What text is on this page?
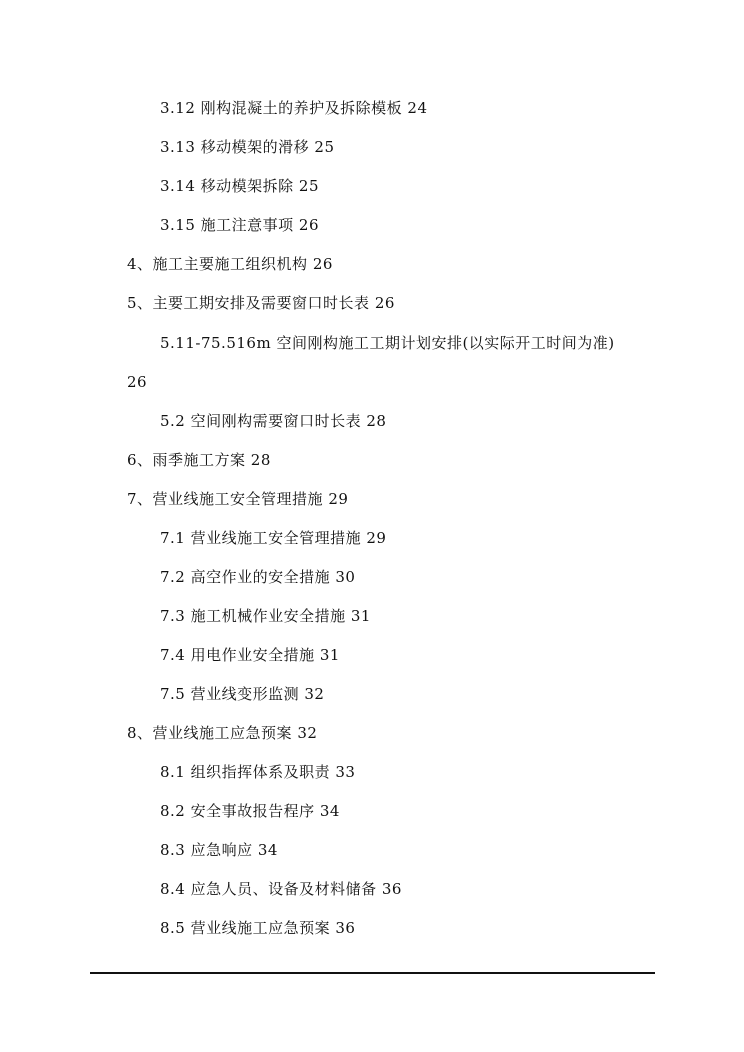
3.12 刚构混凝土的养护及拆除模板 24
3.13 移动模架的滑移 25
3.14 移动模架拆除 25
3.15 施工注意事项 26
4、施工主要施工组织机构 26
5、主要工期安排及需要窗口时长表 26
5.11-75.516m 空间刚构施工工期计划安排(以实际开工时间为准)
26
5.2 空间刚构需要窗口时长表 28
6、雨季施工方案 28
7、营业线施工安全管理措施 29
7.1 营业线施工安全管理措施 29
7.2 高空作业的安全措施 30
7.3 施工机械作业安全措施 31
7.4 用电作业安全措施 31
7.5 营业线变形监测 32
8、营业线施工应急预案 32
8.1 组织指挥体系及职责 33
8.2 安全事故报告程序 34
8.3 应急响应 34
8.4 应急人员、设备及材料储备 36
8.5 营业线施工应急预案 36
